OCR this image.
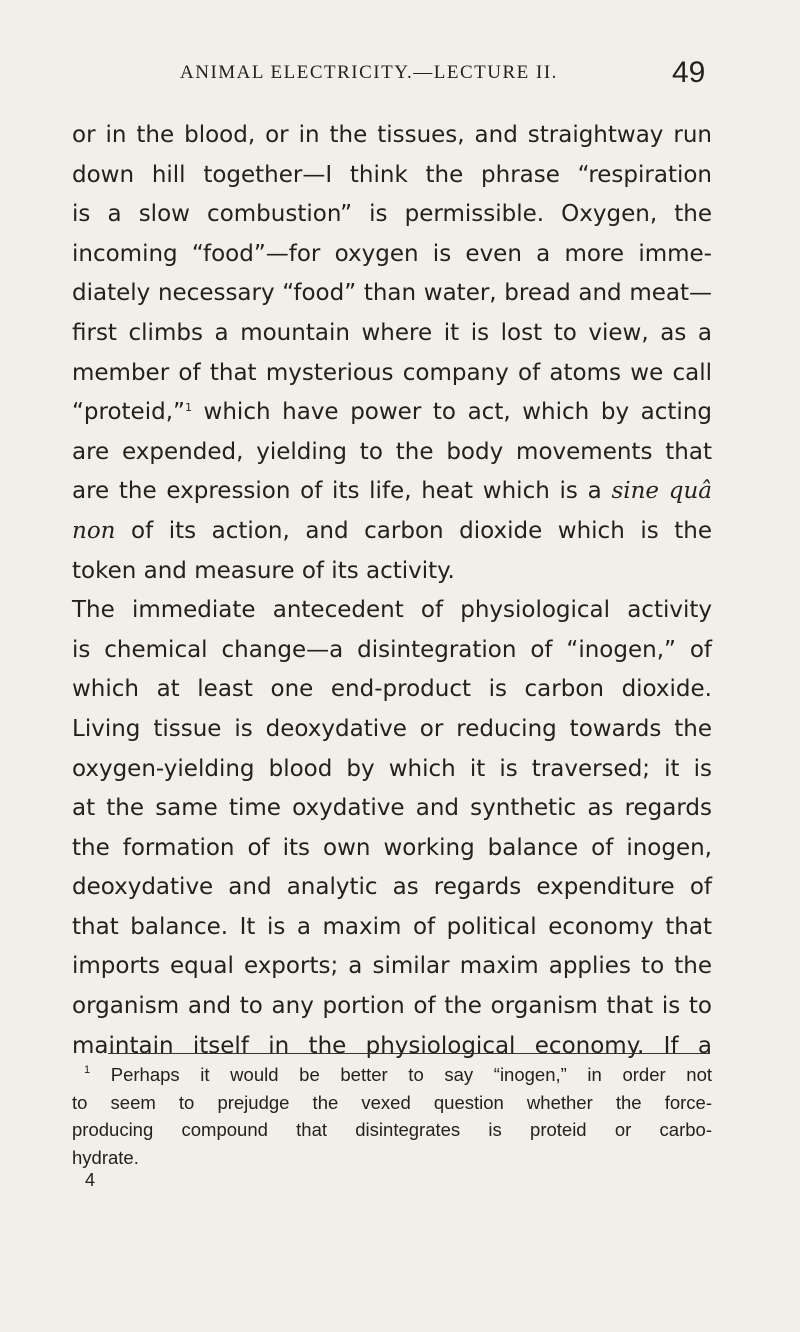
ANIMAL ELECTRICITY.—LECTURE II.	49
or in the blood, or in the tissues, and straightway run
down hill together—I think the phrase “respiration
is a slow combustion” is permissible. Oxygen, the
incoming “food”—for oxygen is even a more imme-
diately necessary “food” than water, bread and meat—
first climbs a mountain where it is lost to view, as a
member of that mysterious company of atoms we call
“proteid,”$^1$ which have power to act, which by acting
are expended, yielding to the body movements that
are the expression of its life, heat which is a sine quâ
non of its action, and carbon dioxide which is the
token and measure of its activity.
The immediate antecedent of physiological activity
is chemical change—a disintegration of “inogen,” of
which at least one end-product is carbon dioxide.
Living tissue is deoxydative or reducing towards the
oxygen-yielding blood by which it is traversed; it is
at the same time oxydative and synthetic as regards
the formation of its own working balance of inogen,
deoxydative and analytic as regards expenditure of
that balance. It is a maxim of political economy that
imports equal exports; a similar maxim applies to the
organism and to any portion of the organism that is to
maintain itself in the physiological economy. If a
$^1$ Perhaps it would be better to say “inogen,” in order not
to seem to prejudge the vexed question whether the force-
producing compound that disintegrates is proteid or carbo-
hydrate.
4
